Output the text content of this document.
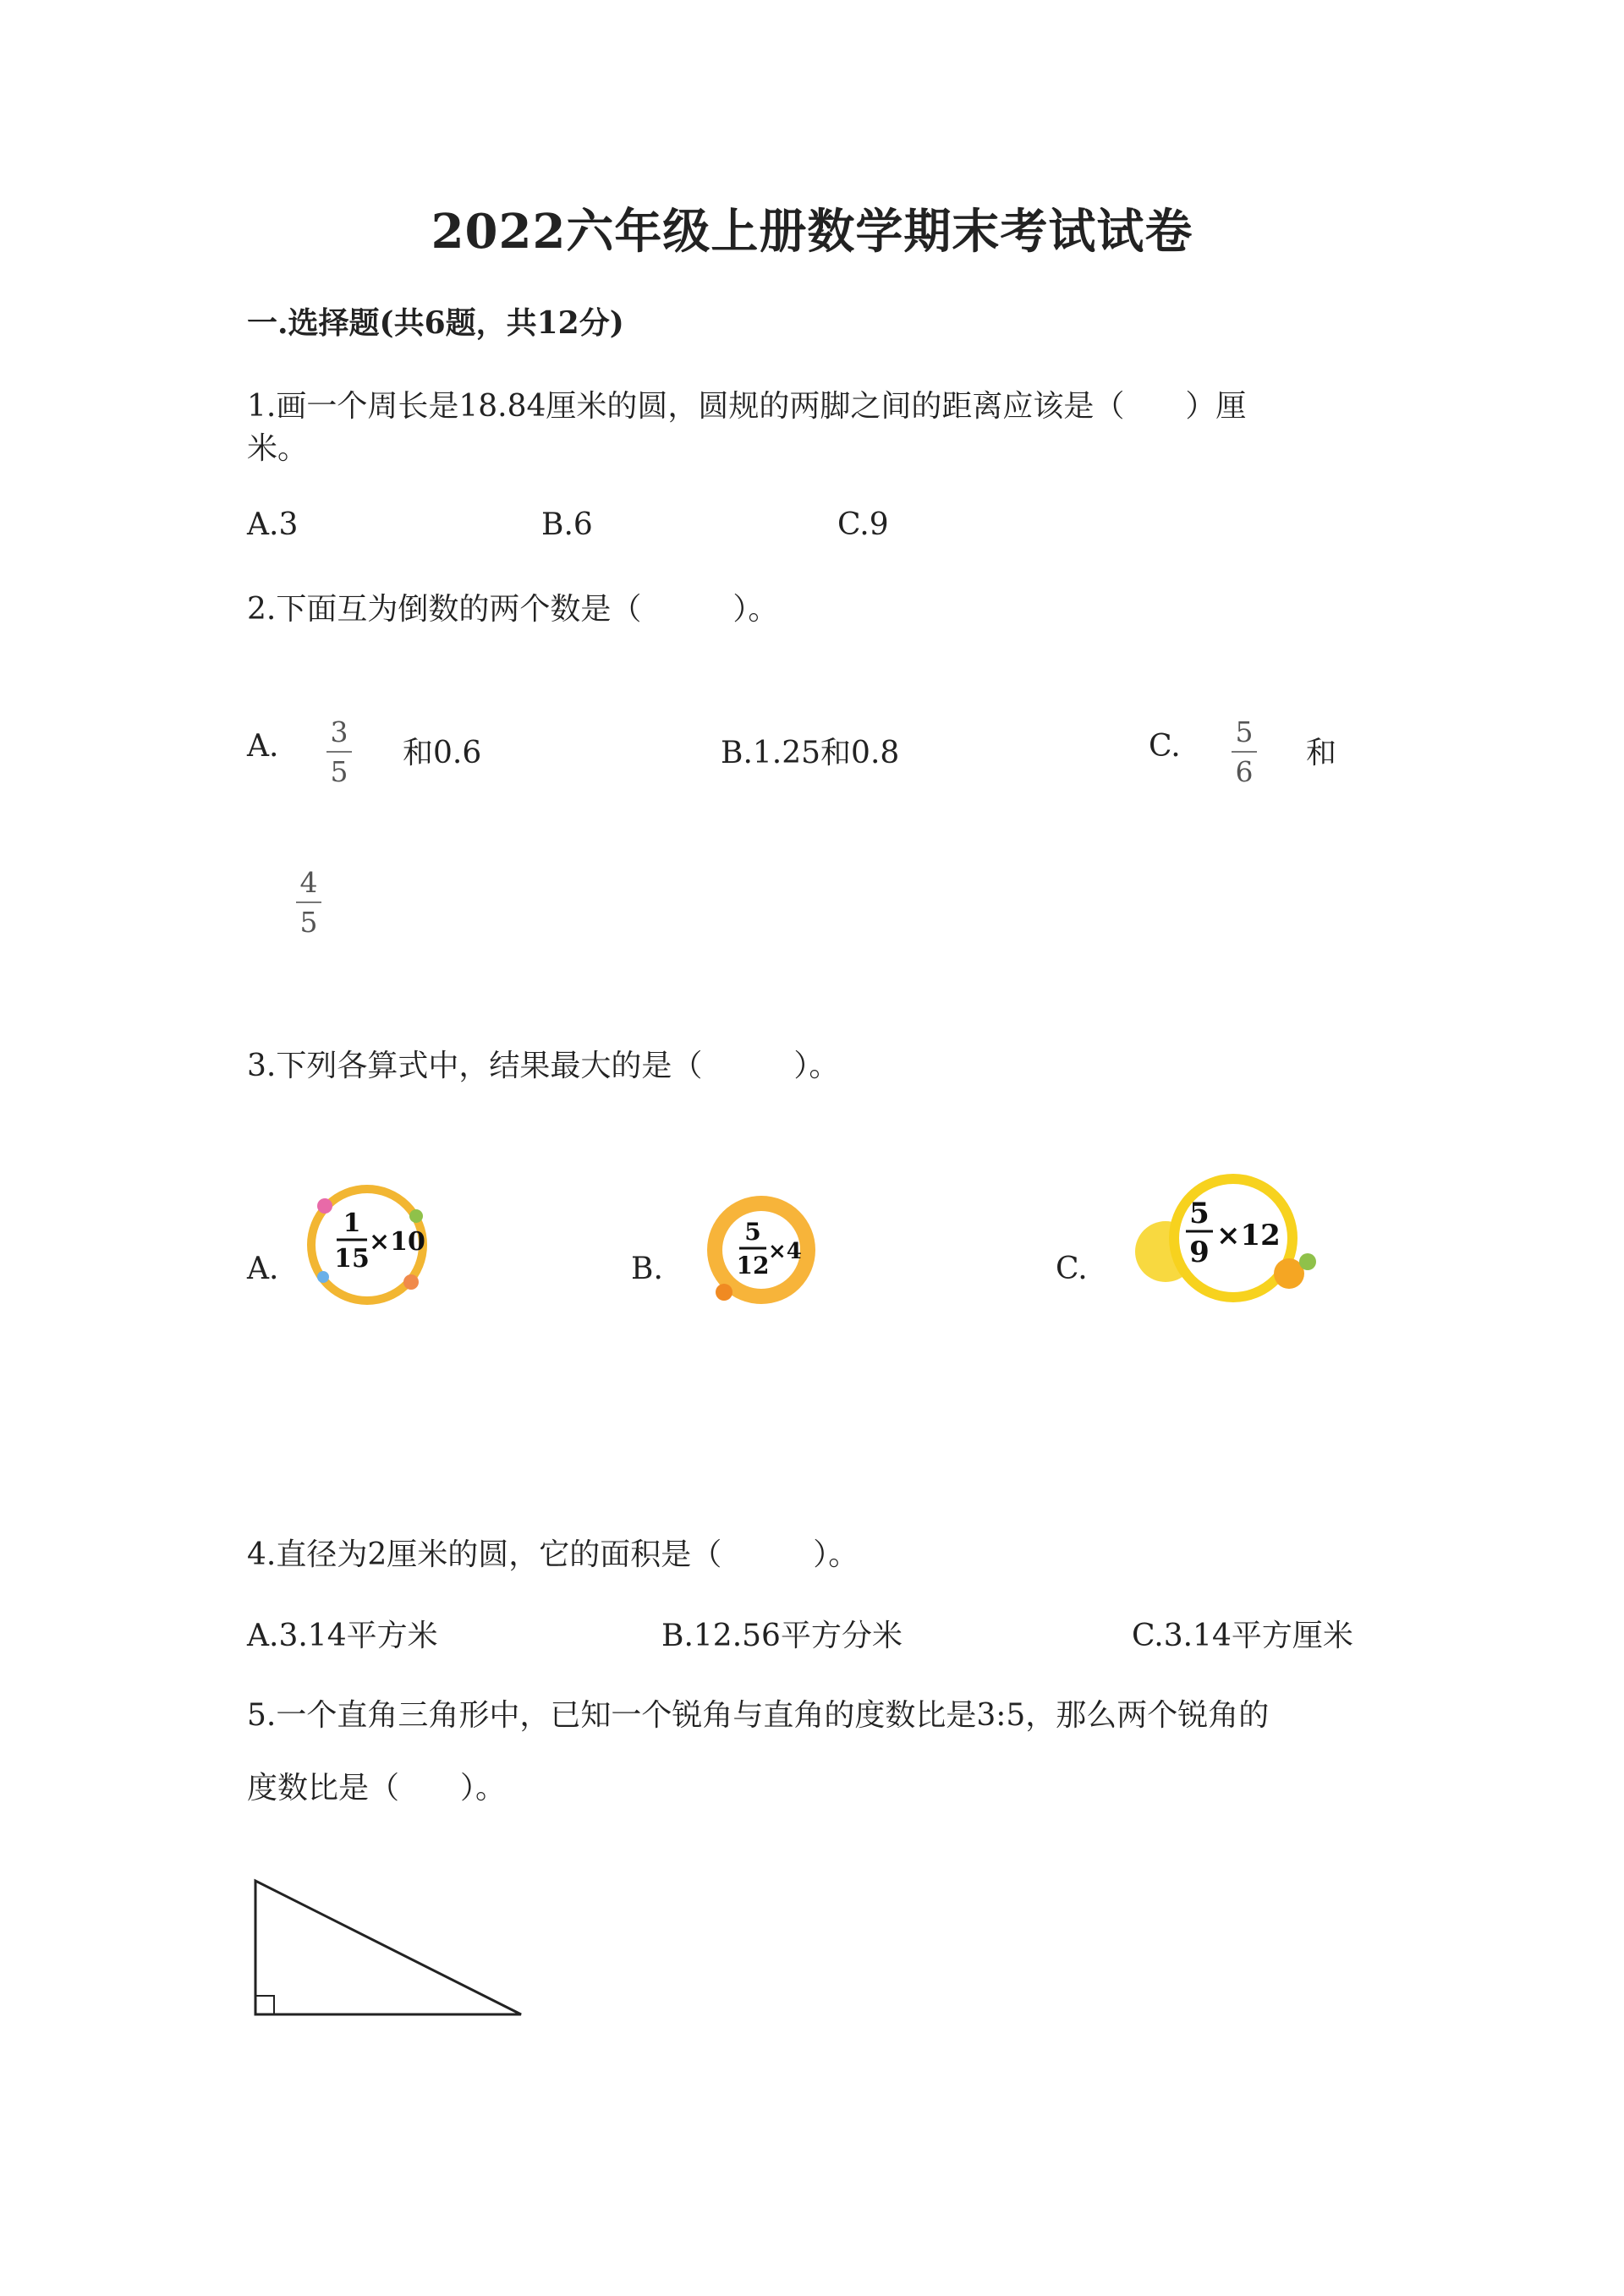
2022六年级上册数学期末考试试卷
一.选择题(共6题，共12分)
1.画一个周长是18.84厘米的圆，圆规的两脚之间的距离应该是（　　）厘
米。
A.3	B.6	C.9
2.下面互为倒数的两个数是（　　　）。
A. 3
5
和0.6	B.1.25和0.8	C. 5
6
和
4
5
3.下列各算式中，结果最大的是（　　　）。
A.
1
15
×10
B.
5
12
×4	C.
5
9 ×12
4.直径为2厘米的圆，它的面积是（　　　）。
A.3.14平方米	B.12.56平方分米	C.3.14平方厘米
5.一个直角三角形中，已知一个锐角与直角的度数比是3:5，那么两个锐角的
度数比是（　　）。
